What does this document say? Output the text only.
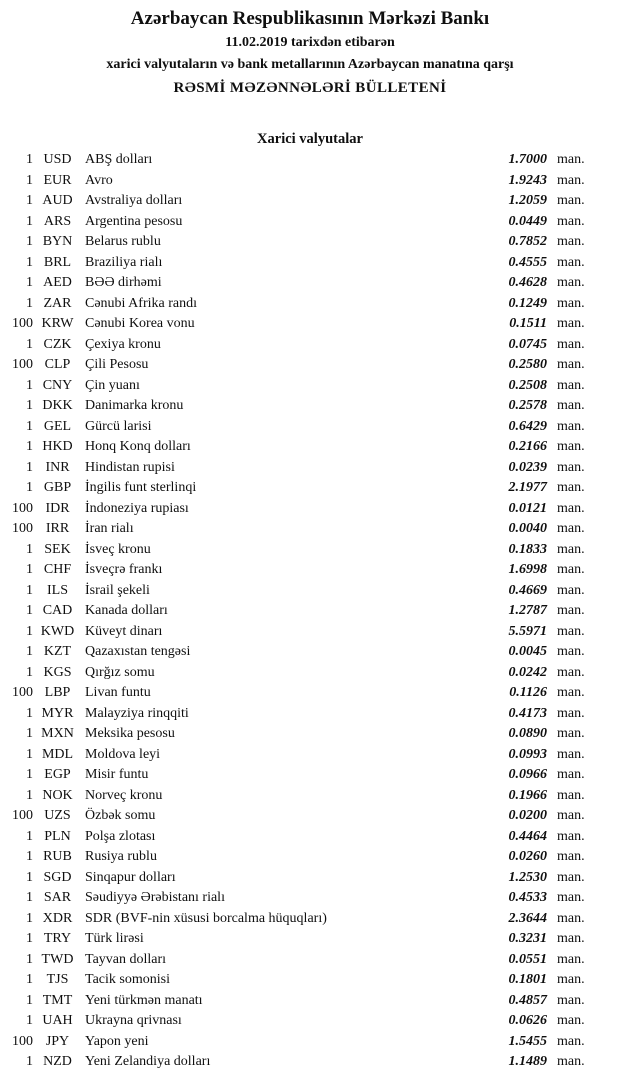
Azərbaycan Respublikasının Mərkəzi Bankı
11.02.2019 tarixdən etibarən
xarici valyutaların və bank metallarının Azərbaycan manatına qarşı
RƏSMİ MƏZƏNNƏLƏRİ BÜLLETENİ
Xarici valyutalar
1 USD ABŞ dolları	1.7000 man.
1 EUR Avro	1.9243 man.
1 AUD Avstraliya dolları	1.2059 man.
1 ARS Argentina pesosu	0.0449 man.
1 BYN Belarus rublu	0.7852 man.
1 BRL Braziliya rialı	0.4555 man.
1 AED BƏƏ dirhəmi	0.4628 man.
1 ZAR Cənubi Afrika randı	0.1249 man.
100 KRW Cənubi Korea vonu	0.1511 man.
1 CZK Çexiya kronu	0.0745 man.
100 CLP	Çili Pesosu	0.2580 man.
1 CNY Çin yuanı	0.2508 man.
1 DKK Danimarka kronu	0.2578 man.
1 GEL Gürcü larisi	0.6429 man.
1 HKD Honq Konq dolları	0.2166 man.
1 INR	Hindistan rupisi	0.0239 man.
1 GBP İngilis funt sterlinqi	2.1977 man.
100 IDR	İndoneziya rupiası	0.0121 man.
100 IRR	İran rialı	0.0040 man.
1 SEK	İsveç kronu	0.1833 man.
1 CHF İsveçrə frankı	1.6998 man.
1	ILS	İsrail şekeli	0.4669 man.
1 CAD Kanada dolları	1.2787 man.
1 KWD Küveyt dinarı	5.5971 man.
1 KZT Qazaxıstan tengəsi	0.0045 man.
1 KGS Qırğız somu	0.0242 man.
100 LBP	Livan funtu	0.1126 man.
1 MYR Malayziya rinqqiti	0.4173 man.
1 MXN Meksika pesosu	0.0890 man.
1 MDL Moldova leyi	0.0993 man.
1 EGP	Misir funtu	0.0966 man.
1 NOK Norveç kronu	0.1966 man.
100 UZS	Özbək somu	0.0200 man.
1 PLN	Polşa zlotası	0.4464 man.
1 RUB Rusiya rublu	0.0260 man.
1 SGD Sinqapur dolları	1.2530 man.
1 SAR Səudiyyə Ərəbistanı rialı	0.4533 man.
1 XDR SDR (BVF-nin xüsusi borcalma hüquqları)	2.3644 man.
1 TRY Türk lirəsi	0.3231 man.
1 TWD Tayvan dolları	0.0551 man.
1 TJS	Tacik somonisi	0.1801 man.
1 TMT Yeni türkmən manatı	0.4857 man.
1 UAH Ukrayna qrivnası	0.0626 man.
100 JPY	Yapon yeni	1.5455 man.
1 NZD Yeni Zelandiya dolları	1.1489 man.
